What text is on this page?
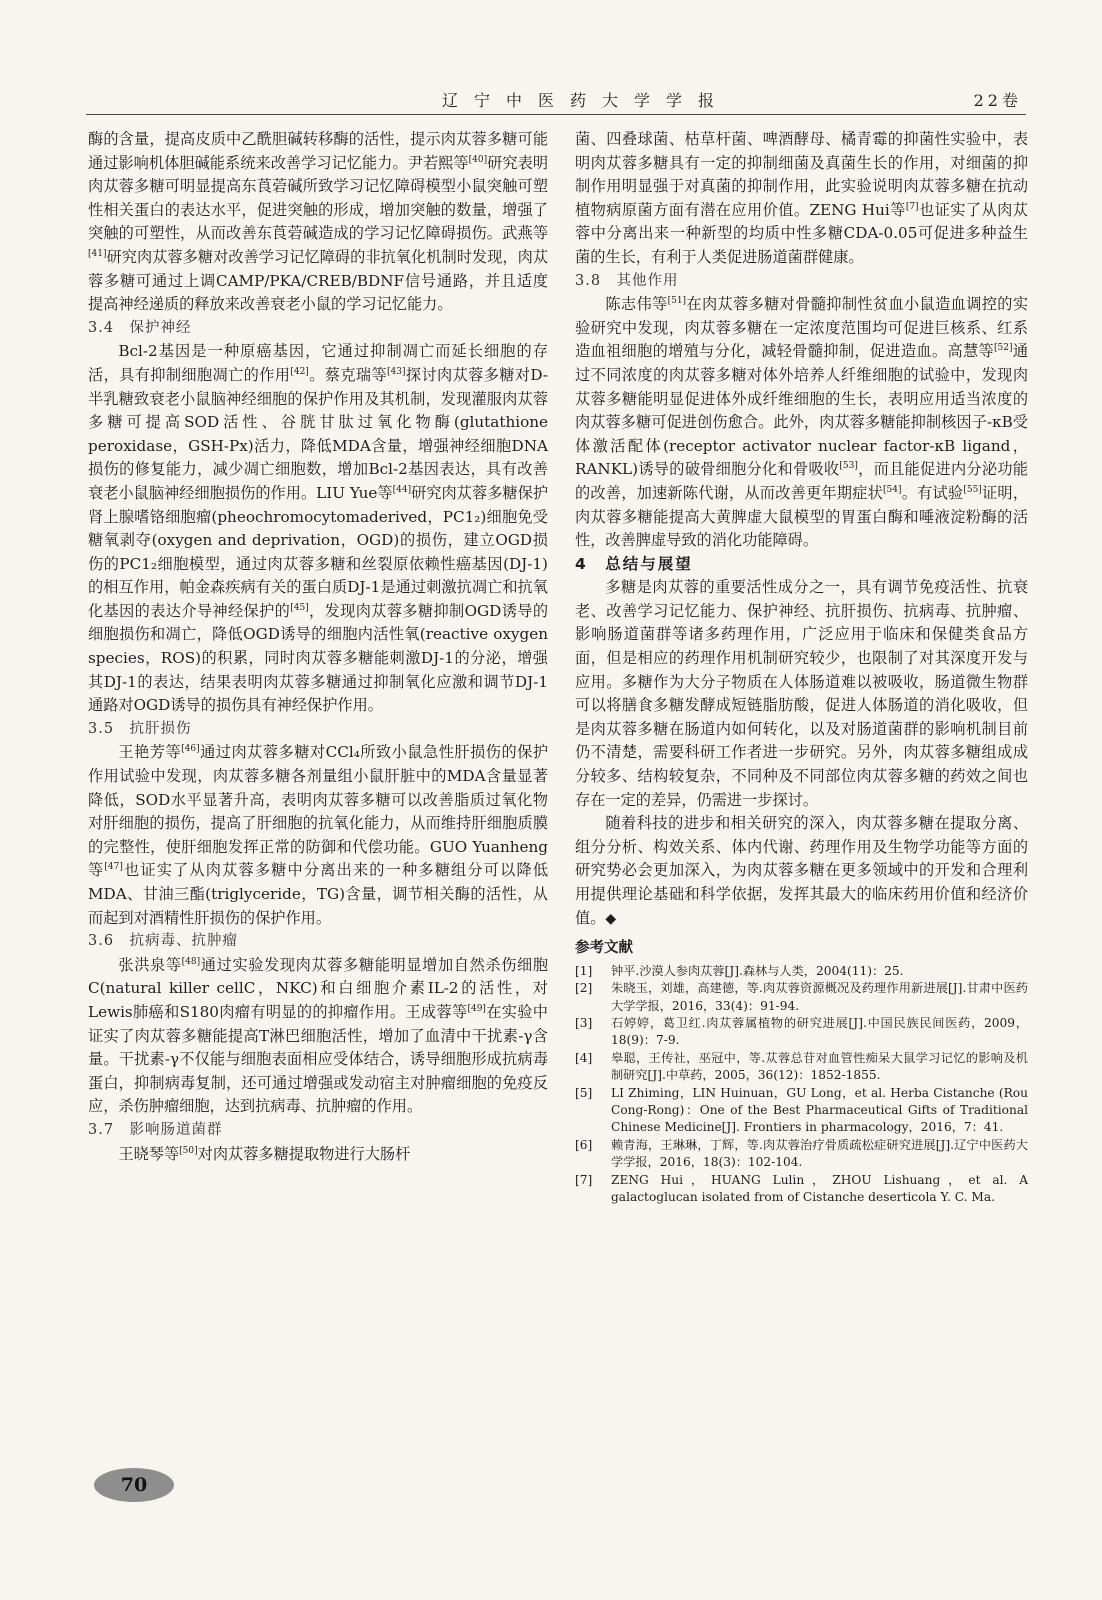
辽宁中医药大学学报	22卷

酶的含量，提高皮质中乙酰胆碱转移酶的活性，提示肉苁蓉多糖可能通过影响机体胆碱能系统来改善学习记忆能力。尹若熙等[40]研究表明肉苁蓉多糖可明显提高东莨菪碱所致学习记忆障碍模型小鼠突触可塑性相关蛋白的表达水平，促进突触的形成，增加突触的数量，增强了突触的可塑性，从而改善东莨菪碱造成的学习记忆障碍损伤。武燕等[41]研究肉苁蓉多糖对改善学习记忆障碍的非抗氧化机制时发现，肉苁蓉多糖可通过上调CAMP/PKA/CREB/BDNF信号通路，并且适度提高神经递质的释放来改善衰老小鼠的学习记忆能力。

3.4　保护神经

Bcl-2基因是一种原癌基因，它通过抑制凋亡而延长细胞的存活，具有抑制细胞凋亡的作用[42]。蔡克瑞等[43]探讨肉苁蓉多糖对D-半乳糖致衰老小鼠脑神经细胞的保护作用及其机制，发现灌服肉苁蓉多糖可提高SOD活性、谷胱甘肽过氧化物酶(glutathione peroxidase，GSH-Px)活力，降低MDA含量，增强神经细胞DNA损伤的修复能力，减少凋亡细胞数，增加Bcl-2基因表达，具有改善衰老小鼠脑神经细胞损伤的作用。LIU Yue等[44]研究肉苁蓉多糖保护肾上腺嗜铬细胞瘤(pheochromocytomaderived，PC1₂)细胞免受糖氧剥夺(oxygen and deprivation，OGD)的损伤，建立OGD损伤的PC1₂细胞模型，通过肉苁蓉多糖和丝裂原依赖性癌基因(DJ-1)的相互作用，帕金森疾病有关的蛋白质DJ-1是通过刺激抗凋亡和抗氧化基因的表达介导神经保护的[45]，发现肉苁蓉多糖抑制OGD诱导的细胞损伤和凋亡，降低OGD诱导的细胞内活性氧(reactive oxygen species，ROS)的积累，同时肉苁蓉多糖能刺激DJ-1的分泌，增强其DJ-1的表达，结果表明肉苁蓉多糖通过抑制氧化应激和调节DJ-1通路对OGD诱导的损伤具有神经保护作用。

3.5　抗肝损伤

王艳芳等[46]通过肉苁蓉多糖对CCl₄所致小鼠急性肝损伤的保护作用试验中发现，肉苁蓉多糖各剂量组小鼠肝脏中的MDA含量显著降低，SOD水平显著升高，表明肉苁蓉多糖可以改善脂质过氧化物对肝细胞的损伤，提高了肝细胞的抗氧化能力，从而维持肝细胞质膜的完整性，使肝细胞发挥正常的防御和代偿功能。GUO Yuanheng等[47]也证实了从肉苁蓉多糖中分离出来的一种多糖组分可以降低MDA、甘油三酯(triglyceride，TG)含量，调节相关酶的活性，从而起到对酒精性肝损伤的保护作用。

3.6　抗病毒、抗肿瘤

张洪泉等[48]通过实验发现肉苁蓉多糖能明显增加自然杀伤细胞C(natural killer cellC，NKC)和白细胞介素IL-2的活性，对Lewis肺癌和S180肉瘤有明显的的抑瘤作用。王成蓉等[49]在实验中证实了肉苁蓉多糖能提高T淋巴细胞活性，增加了血清中干扰素-γ含量。干扰素-γ不仅能与细胞表面相应受体结合，诱导细胞形成抗病毒蛋白，抑制病毒复制，还可通过增强或发动宿主对肿瘤细胞的免疫反应，杀伤肿瘤细胞，达到抗病毒、抗肿瘤的作用。

3.7　影响肠道菌群

王晓琴等[50]对肉苁蓉多糖提取物进行大肠杆

菌、四叠球菌、枯草杆菌、啤酒酵母、橘青霉的抑菌性实验中，表明肉苁蓉多糖具有一定的抑制细菌及真菌生长的作用，对细菌的抑制作用明显强于对真菌的抑制作用，此实验说明肉苁蓉多糖在抗动植物病原菌方面有潜在应用价值。ZENG Hui等[7]也证实了从肉苁蓉中分离出来一种新型的均质中性多糖CDA-0.05可促进多种益生菌的生长，有利于人类促进肠道菌群健康。

3.8　其他作用

陈志伟等[51]在肉苁蓉多糖对骨髓抑制性贫血小鼠造血调控的实验研究中发现，肉苁蓉多糖在一定浓度范围均可促进巨核系、红系造血祖细胞的增殖与分化，减轻骨髓抑制，促进造血。高慧等[52]通过不同浓度的肉苁蓉多糖对体外培养人纤维细胞的试验中，发现肉苁蓉多糖能明显促进体外成纤维细胞的生长，表明应用适当浓度的肉苁蓉多糖可促进创伤愈合。此外，肉苁蓉多糖能抑制核因子-κB受体激活配体(receptor activator nuclear factor-κB ligand，RANKL)诱导的破骨细胞分化和骨吸收[53]，而且能促进内分泌功能的改善，加速新陈代谢，从而改善更年期症状[54]。有试验[55]证明，肉苁蓉多糖能提高大黄脾虚大鼠模型的胃蛋白酶和唾液淀粉酶的活性，改善脾虚导致的消化功能障碍。

4　总结与展望

多糖是肉苁蓉的重要活性成分之一，具有调节免疫活性、抗衰老、改善学习记忆能力、保护神经、抗肝损伤、抗病毒、抗肿瘤、影响肠道菌群等诸多药理作用，广泛应用于临床和保健类食品方面，但是相应的药理作用机制研究较少，也限制了对其深度开发与应用。多糖作为大分子物质在人体肠道难以被吸收，肠道微生物群可以将膳食多糖发酵成短链脂肪酸，促进人体肠道的消化吸收，但是肉苁蓉多糖在肠道内如何转化，以及对肠道菌群的影响机制目前仍不清楚，需要科研工作者进一步研究。另外，肉苁蓉多糖组成成分较多、结构较复杂，不同种及不同部位肉苁蓉多糖的药效之间也存在一定的差异，仍需进一步探讨。

随着科技的进步和相关研究的深入，肉苁蓉多糖在提取分离、组分分析、构效关系、体内代谢、药理作用及生物学功能等方面的研究势必会更加深入，为肉苁蓉多糖在更多领域中的开发和合理利用提供理论基础和科学依据，发挥其最大的临床药用价值和经济价值。◆

参考文献

[1] 钟平.沙漠人参肉苁蓉[J].森林与人类，2004(11)：25.
[2] 朱晓玉，刘雄，高建德，等.肉苁蓉资源概况及药理作用新进展[J].甘肃中医药大学学报，2016，33(4)：91-94.
[3] 石婷婷，葛卫红.肉苁蓉属植物的研究进展[J].中国民族民间医药，2009，18(9)：7-9.
[4] 皋聪，王传社，巫冠中，等.苁蓉总苷对血管性痴呆大鼠学习记忆的影响及机制研究[J].中草药，2005，36(12)：1852-1855.
[5] LI Zhiming，LIN Huinuan，GU Long，et al. Herba Cistanche (Rou Cong-Rong)：One of the Best Pharmaceutical Gifts of Traditional Chinese Medicine[J]. Frontiers in pharmacology，2016，7：41.
[6] 赖青海，王琳琳，丁辉，等.肉苁蓉治疗骨质疏松症研究进展[J].辽宁中医药大学学报，2016，18(3)：102-104.
[7] ZENG Hui，HUANG Lulin，ZHOU Lishuang，et al. A galactoglucan isolated from of Cistanche deserticola Y. C. Ma.
70
